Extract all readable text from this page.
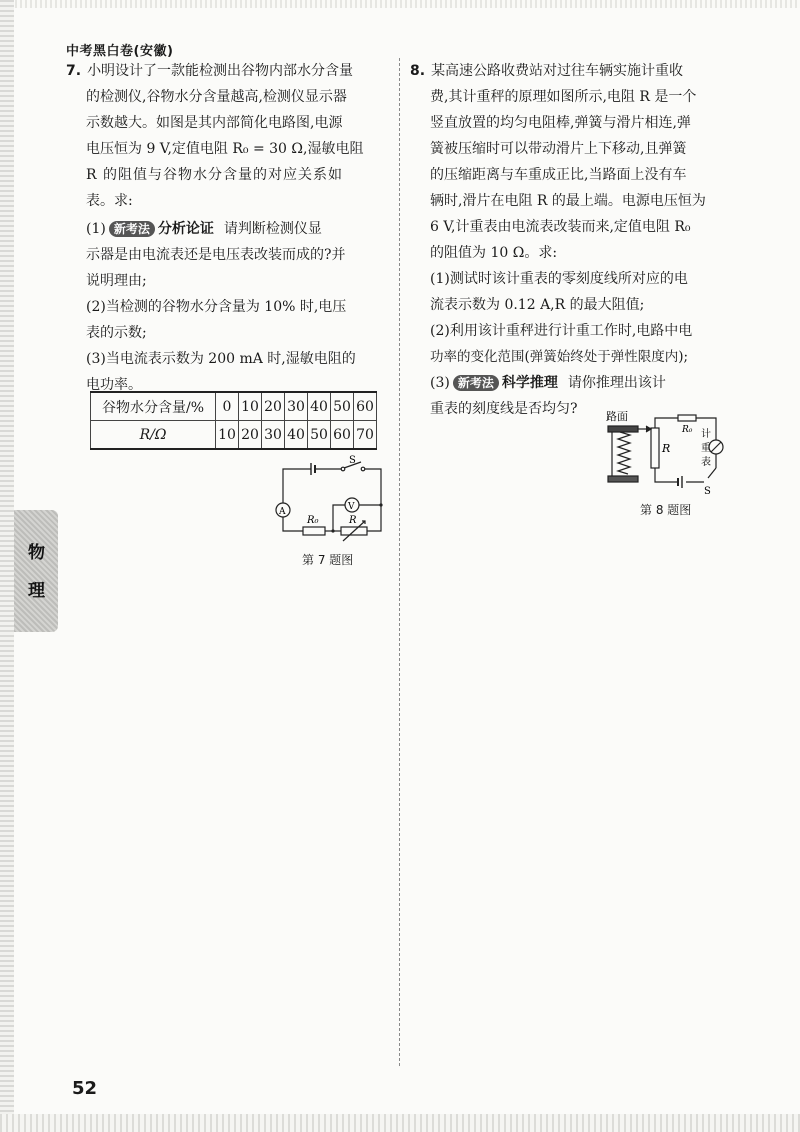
中考黑白卷(安徽)
物
理

7. 小明设计了一款能检测出谷物内部水分含量

的检测仪,谷物水分含量越高,检测仪显示器

示数越大。如图是其内部简化电路图,电源

电压恒为 9 V,定值电阻 R₀ = 30 Ω,湿敏电阻

R 的阻值与谷物水分含量的对应关系如

表。求:

(1) 新考法 分析论证 请判断检测仪显

示器是由电流表还是电压表改装而成的?并

说明理由;

(2)当检测的谷物水分含量为 10% 时,电压

表的示数;

(3)当电流表示数为 200 mA 时,湿敏电阻的

电功率。

谷物水分含量/%	0	10	20	30	40	50	60
R/Ω	10	20	30	40	50	60	70
S
A	V
R₀	R
第 7 题图

8. 某高速公路收费站对过往车辆实施计重收

费,其计重秤的原理如图所示,电阻 R 是一个

竖直放置的均匀电阻棒,弹簧与滑片相连,弹

簧被压缩时可以带动滑片上下移动,且弹簧

的压缩距离与车重成正比,当路面上没有车

辆时,滑片在电阻 R 的最上端。电源电压恒为

6 V,计重表由电流表改装而来,定值电阻 R₀

的阻值为 10 Ω。求:

(1)测试时该计重表的零刻度线所对应的电

流表示数为 0.12 A,R 的最大阻值;

(2)利用该计重秤进行计重工作时,电路中电

功率的变化范围(弹簧始终处于弹性限度内);

(3) 新考法 科学推理 请你推理出该计

重表的刻度线是否均匀?	路面
R₀
R
计
重
表
S
第 8 题图
52
